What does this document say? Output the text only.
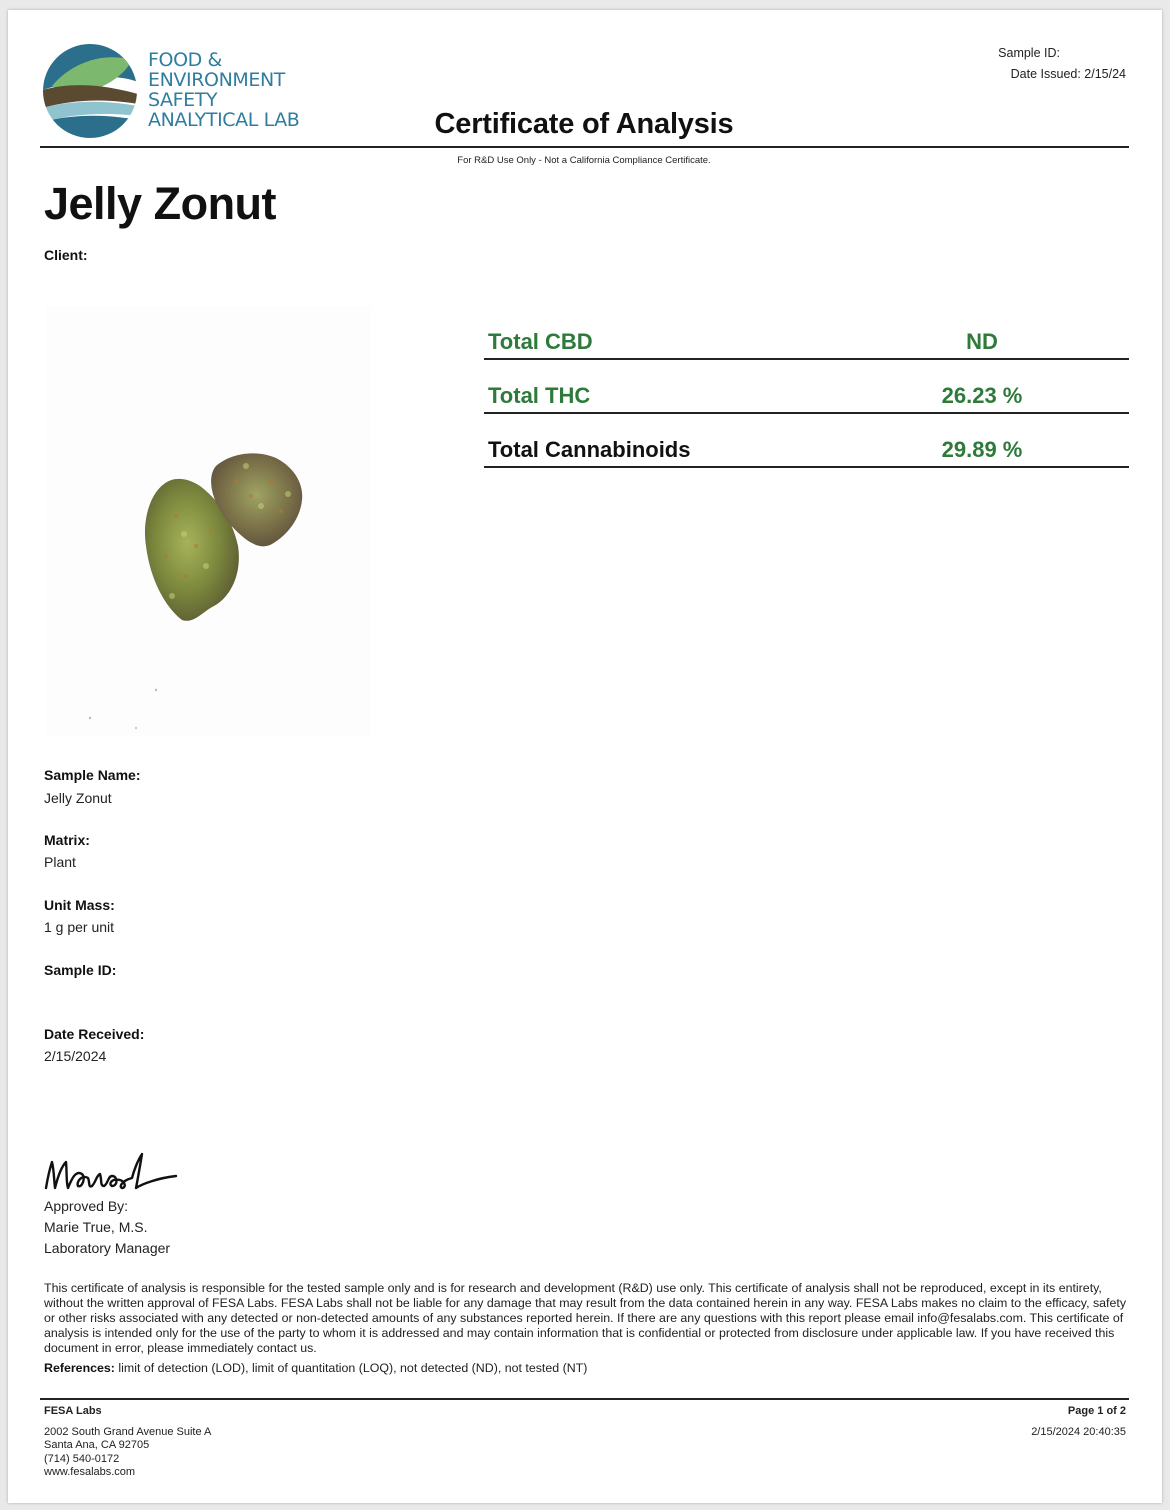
FOOD &
ENVIRONMENT
SAFETY
ANALYTICAL LAB
Sample ID:
Date Issued: 2/15/24
Certificate of Analysis
For R&D Use Only - Not a California Compliance Certificate.
Jelly Zonut
Client:
Total CBD	ND
Total THC	26.23 %
Total Cannabinoids	29.89 %
Sample Name:
Jelly Zonut
Matrix:
Plant
Unit Mass:
1 g per unit
Sample ID:
Date Received:
2/15/2024
Approved By:
Marie True, M.S.
Laboratory Manager
This certificate of analysis is responsible for the tested sample only and is for research and development (R&D) use only. This certificate of analysis shall not be reproduced, except in its entirety, without the written approval of FESA Labs. FESA Labs shall not be liable for any damage that may result from the data contained herein in any way. FESA Labs makes no claim to the efficacy, safety or other risks associated with any detected or non-detected amounts of any substances reported herein. If there are any questions with this report please email info@fesalabs.com. This certificate of analysis is intended only for the use of the party to whom it is addressed and may contain information that is confidential or protected from disclosure under applicable law. If you have received this document in error, please immediately contact us.
References: limit of detection (LOD), limit of quantitation (LOQ), not detected (ND), not tested (NT)
FESA Labs
2002 South Grand Avenue Suite A
Santa Ana, CA 92705
(714) 540-0172
www.fesalabs.com
Page 1 of 2
2/15/2024 20:40:35
